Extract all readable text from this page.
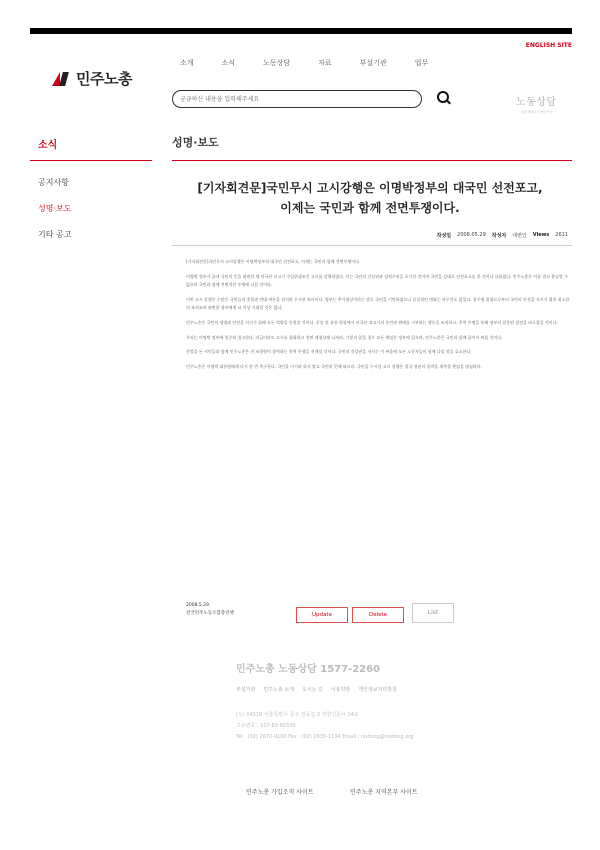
ENGLISH SITE
민주노총
소개	소식	노동상담	자료	부설기관	업무
궁금하신 내용을 입력해주세요	노동상담
민원 상담하기 바로가기
소식
공지사항
성명·보도
기타 공고
성명·보도
[기자회견문]국민무시 고시강행은 이명박정부의 대국민 선전포고,
이제는 국민과 함께 전면투쟁이다.
작성일 2008.05.29 작성자 대변인 Views 2611

[기자회견문]국민무시 고시강행은 이명박정부의 대국민 선전포고, 이제는 국민과 함께 전면투쟁이다.

이명박 정부가 끝내 국민의 뜻을 외면한 채 미국산 쇠고기 수입위생조건 고시를 강행하였다. 이는 국민의 건강권과 검역주권을 포기한 것이며 국민을 상대로 선전포고를 한 것이나 다름없다. 민주노총은 이를 결코 용납할 수 없으며 국민과 함께 전면적인 투쟁에 나설 것이다.

이번 고시 강행은 수많은 국민들의 촛불과 반대 여론을 철저히 무시한 처사이다. 정부는 추가협상이라는 말로 국민을 기만하였으나 실질적인 변화는 아무것도 없었다. 광우병 위험으로부터 국민의 안전을 지키기 위한 최소한의 조치조차 외면한 정부에게 더 이상 기대할 것은 없다.

민주노총은 국민의 생명과 안전을 지키기 위해 모든 역량을 동원할 것이다. 운송 및 유통 현장에서 미국산 쇠고기의 운반과 판매를 거부하는 행동을 조직하고, 총력 투쟁을 통해 정부의 잘못된 결정을 바로잡을 것이다.

우리는 이명박 정부에 엄중히 경고한다. 지금이라도 고시를 철회하고 전면 재협상에 나서라. 그렇지 않을 경우 모든 책임은 정부에 있으며, 민주노총은 국민과 함께 끝까지 싸울 것이다.

촛불을 든 시민들과 함께 민주노총은 전 조합원이 참여하는 총력 투쟁을 전개할 것이다. 국민의 건강권을 지키는 이 싸움에 모든 노동자들이 함께 나설 것을 호소한다.

민주노총은 이명박 대통령에게 다시 한 번 촉구한다. 국민을 이기려 하지 말고 국민의 뜻에 따르라. 국민을 무시한 고시 강행은 결국 정권의 몰락을 재촉할 뿐임을 명심하라.

2008.5.29.
전국민주노동조합총연맹	Update	Delete	List
민주노총 노동상담 1577-2260
부설기관 민주노총 소개 오시는 길 이용약관 개인정보처리방침
(우) 04518 서울특별시 중구 정동길 3 경향신문사 14층
고유번호 : 107-82-60330
Tel : (02) 2670-9100 Fax : (02) 2635-1134 Email : nodong@nodong.org
민주노총 가입조직 사이트	민주노총 지역본부 사이트
